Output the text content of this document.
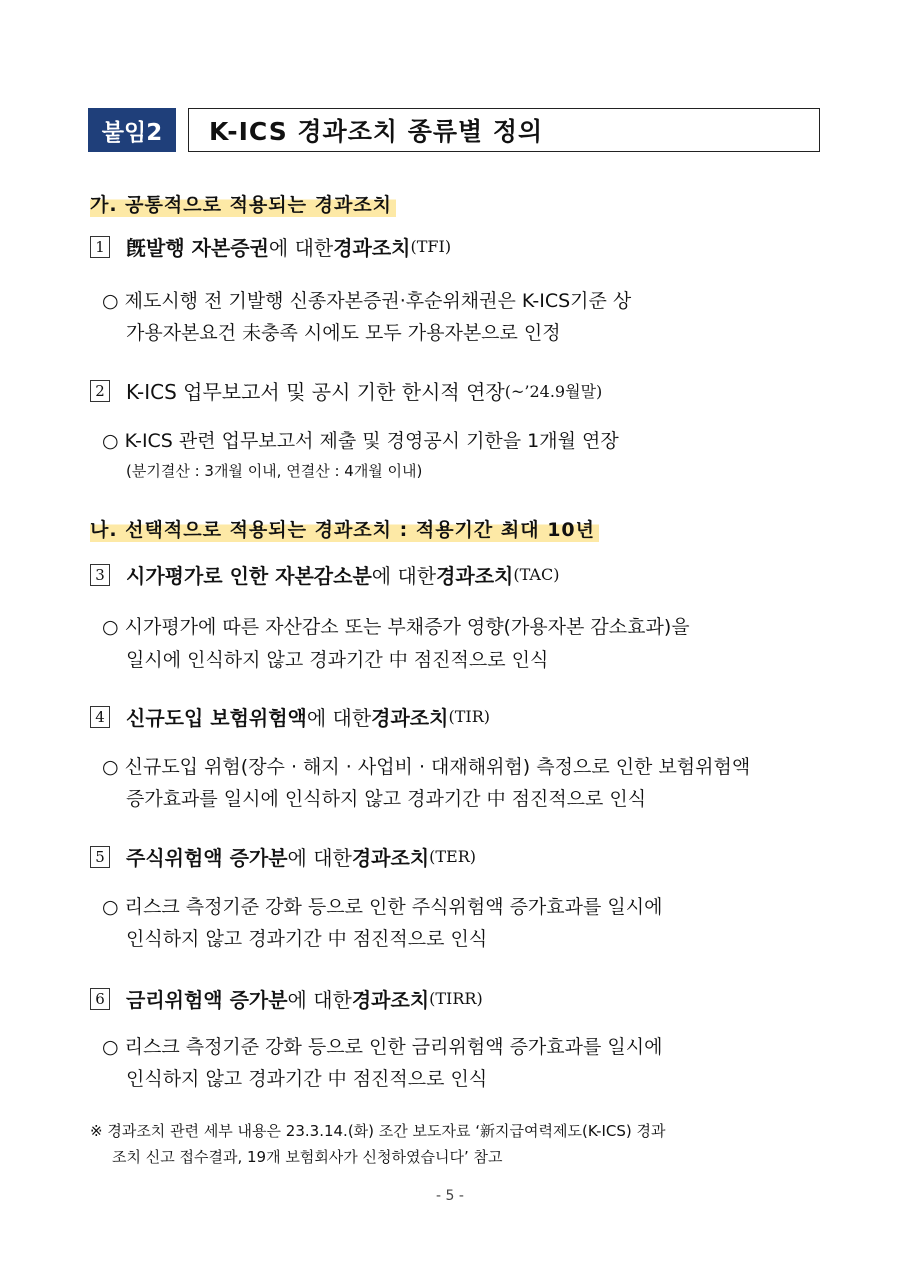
붙임2	K-ICS 경과조치 종류별 정의
가. 공통적으로 적용되는 경과조치
1 旣발행 자본증권 에 대한 경과조치 (TFI)
○ 제도시행 전 기발행 신종자본증권·후순위채권은 K-ICS기준 상
가용자본요건 未충족 시에도 모두 가용자본으로 인정
2 K-ICS 업무보고서 및 공시 기한 한시적 연장 (~’24.9월말)
○ K-ICS 관련 업무보고서 제출 및 경영공시 기한을 1개월 연장
(분기결산 : 3개월 이내, 연결산 : 4개월 이내)
나. 선택적으로 적용되는 경과조치 : 적용기간 최대 10년
3 시가평가로 인한 자본감소분 에 대한 경과조치 (TAC)
○ 시가평가에 따른 자산감소 또는 부채증가 영향(가용자본 감소효과)을
일시에 인식하지 않고 경과기간 中 점진적으로 인식
4 신규도입 보험위험액 에 대한 경과조치 (TIR)
○ 신규도입 위험(장수 · 해지 · 사업비 · 대재해위험) 측정으로 인한 보험위험액
증가효과를 일시에 인식하지 않고 경과기간 中 점진적으로 인식
5 주식위험액 증가분 에 대한 경과조치 (TER)
○ 리스크 측정기준 강화 등으로 인한 주식위험액 증가효과를 일시에
인식하지 않고 경과기간 中 점진적으로 인식
6 금리위험액 증가분 에 대한 경과조치 (TIRR)
○ 리스크 측정기준 강화 등으로 인한 금리위험액 증가효과를 일시에
인식하지 않고 경과기간 中 점진적으로 인식
※ 경과조치 관련 세부 내용은 23.3.14.(화) 조간 보도자료 ‘新지급여력제도(K-ICS) 경과
조치 신고 접수결과, 19개 보험회사가 신청하였습니다’ 참고
- 5 -
